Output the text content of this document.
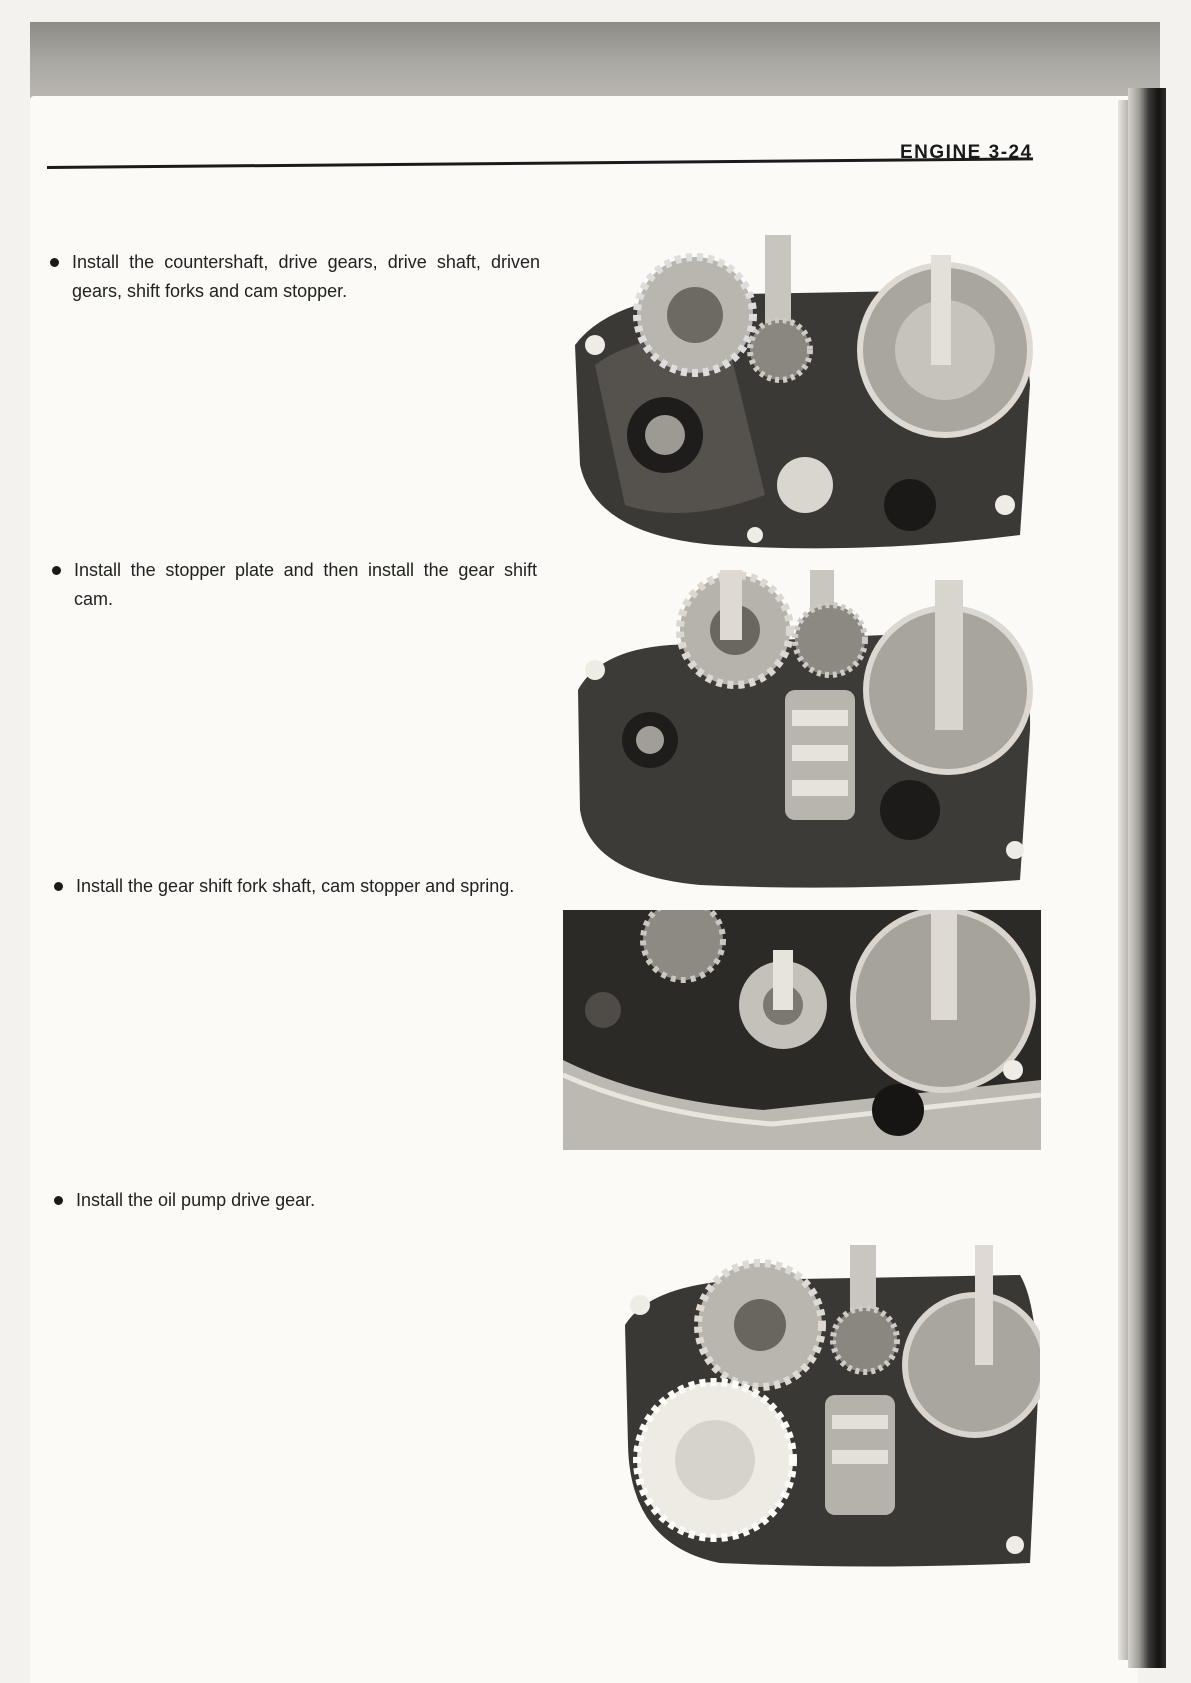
ENGINE 3-24
Install the countershaft, drive gears, drive shaft, driven gears, shift forks and cam stopper.
Install the stopper plate and then install the gear shift cam.
Install the gear shift fork shaft, cam stopper and spring.
Install the oil pump drive gear.
